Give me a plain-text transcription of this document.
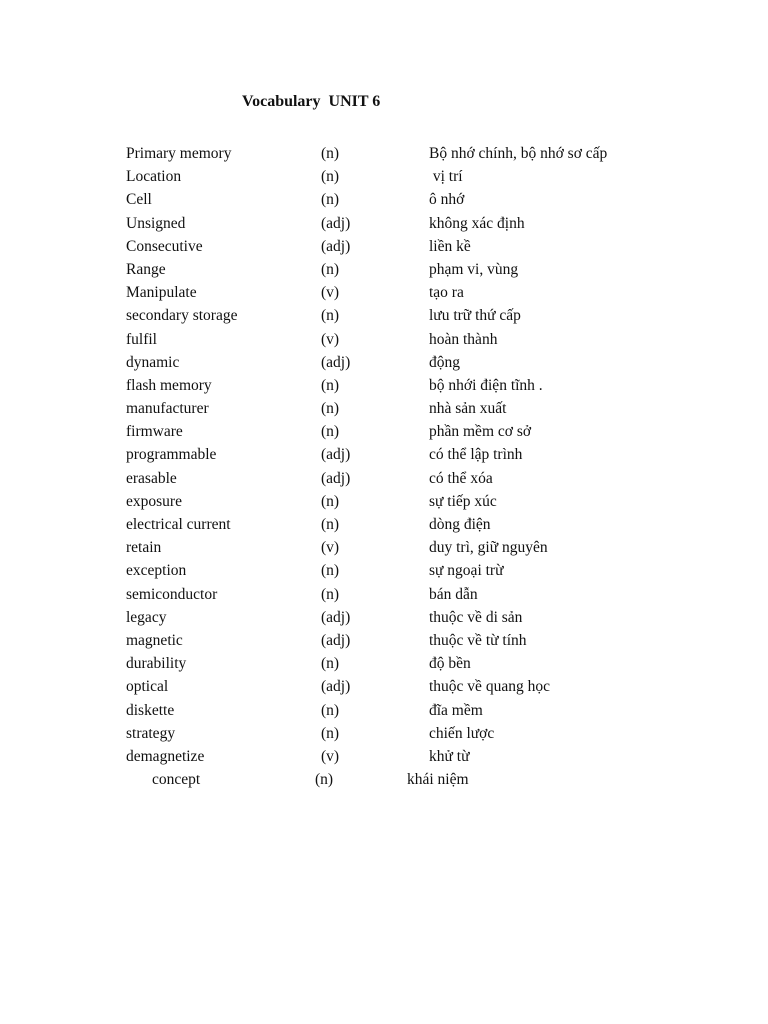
Vocabulary  UNIT 6
Primary memory	(n)	Bộ nhớ chính, bộ nhớ sơ cấp
Location	(n)	vị trí
Cell	(n)	ô nhớ
Unsigned	(adj)	không xác định
Consecutive	(adj)	liền kề
Range	(n)	phạm vi, vùng
Manipulate	(v)	tạo ra
secondary storage	(n)	lưu trữ thứ cấp
fulfil	(v)	hoàn thành
dynamic	(adj)	động
flash memory	(n)	bộ nhới điện tĩnh .
manufacturer	(n)	nhà sản xuất
firmware	(n)	phần mềm cơ sở
programmable	(adj)	có thể lập trình
erasable	(adj)	có thể xóa
exposure	(n)	sự tiếp xúc
electrical current	(n)	dòng điện
retain	(v)	duy trì, giữ nguyên
exception	(n)	sự ngoại trừ
semiconductor	(n)	bán dẫn
legacy	(adj)	thuộc về di sản
magnetic	(adj)	thuộc về từ tính
durability	(n)	độ bền
optical	(adj)	thuộc về quang học
diskette	(n)	đĩa mềm
strategy	(n)	chiến lược
demagnetize	(v)	khử từ
concept	(n)	khái niệm
